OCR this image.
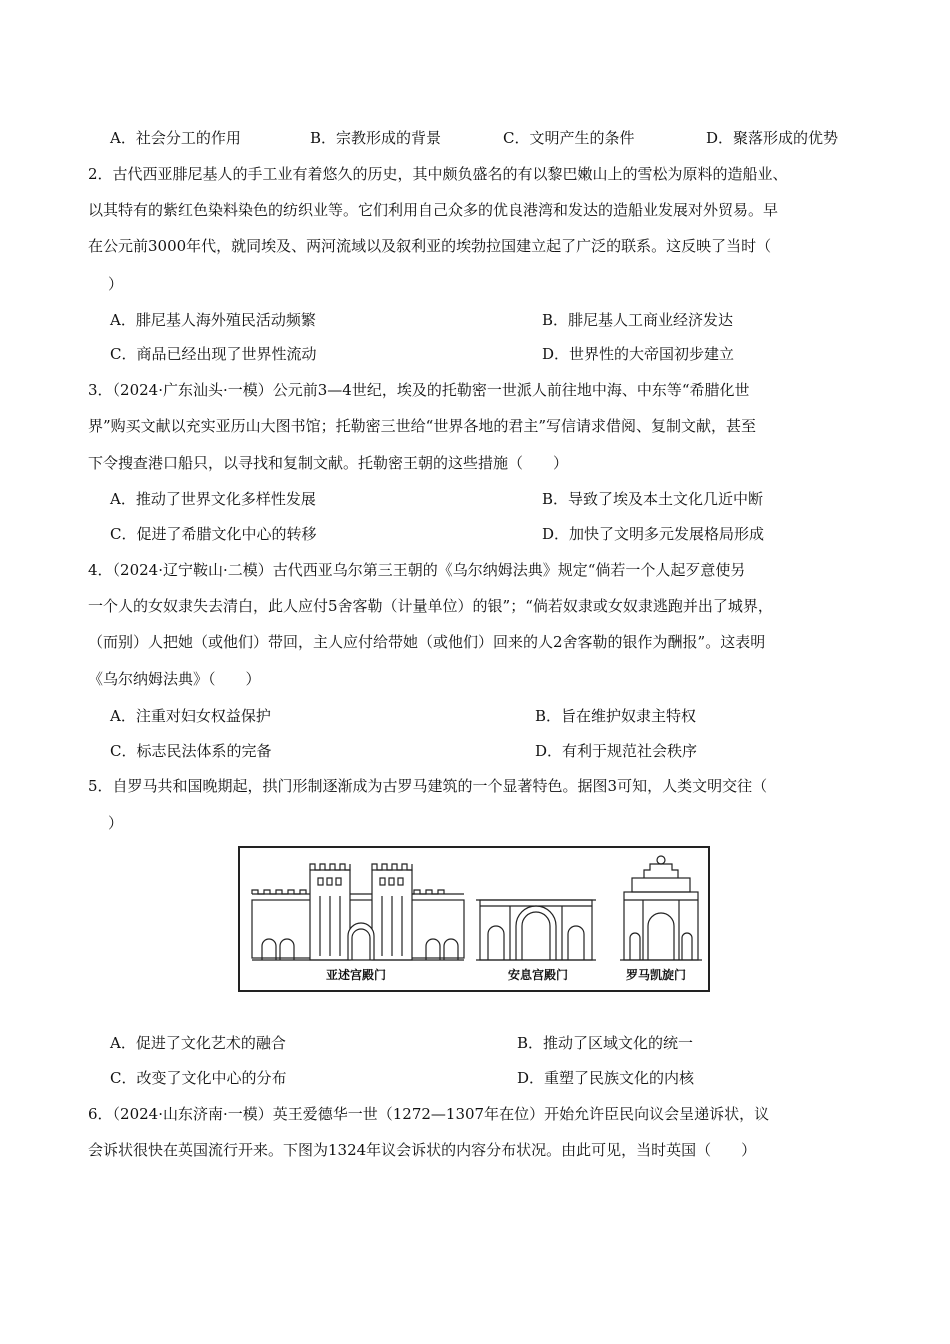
A．社会分工的作用	B．宗教形成的背景	C．文明产生的条件	D．聚落形成的优势
2．古代西亚腓尼基人的手工业有着悠久的历史，其中颇负盛名的有以黎巴嫩山上的雪松为原料的造船业、
以其特有的紫红色染料染色的纺织业等。它们利用自己众多的优良港湾和发达的造船业发展对外贸易。早
在公元前3000年代，就同埃及、两河流域以及叙利亚的埃勃拉国建立起了广泛的联系。这反映了当时（
）
A．腓尼基人海外殖民活动频繁	B．腓尼基人工商业经济发达
C．商品已经出现了世界性流动	D．世界性的大帝国初步建立
3．（2024·广东汕头·一模）公元前3—4世纪，埃及的托勒密一世派人前往地中海、中东等“希腊化世
界”购买文献以充实亚历山大图书馆；托勒密三世给“世界各地的君主”写信请求借阅、复制文献，甚至
下令搜查港口船只，以寻找和复制文献。托勒密王朝的这些措施（　　）
A．推动了世界文化多样性发展	B．导致了埃及本土文化几近中断
C．促进了希腊文化中心的转移	D．加快了文明多元发展格局形成
4．（2024·辽宁鞍山·二模）古代西亚乌尔第三王朝的《乌尔纳姆法典》规定“倘若一个人起歹意使另
一个人的女奴隶失去清白，此人应付5舍客勒（计量单位）的银”；“倘若奴隶或女奴隶逃跑并出了城界，
（而别）人把她（或他们）带回，主人应付给带她（或他们）回来的人2舍客勒的银作为酬报”。这表明
《乌尔纳姆法典》（　　）
A．注重对妇女权益保护	B．旨在维护奴隶主特权
C．标志民法体系的完备	D．有利于规范社会秩序
5．自罗马共和国晚期起，拱门形制逐渐成为古罗马建筑的一个显著特色。据图3可知，人类文明交往（
）
亚述宫殿门	安息宫殿门	罗马凯旋门
A．促进了文化艺术的融合	B．推动了区域文化的统一
C．改变了文化中心的分布	D．重塑了民族文化的内核
6．（2024·山东济南·一模）英王爱德华一世（1272—1307年在位）开始允许臣民向议会呈递诉状，议
会诉状很快在英国流行开来。下图为1324年议会诉状的内容分布状况。由此可见，当时英国（　　）
